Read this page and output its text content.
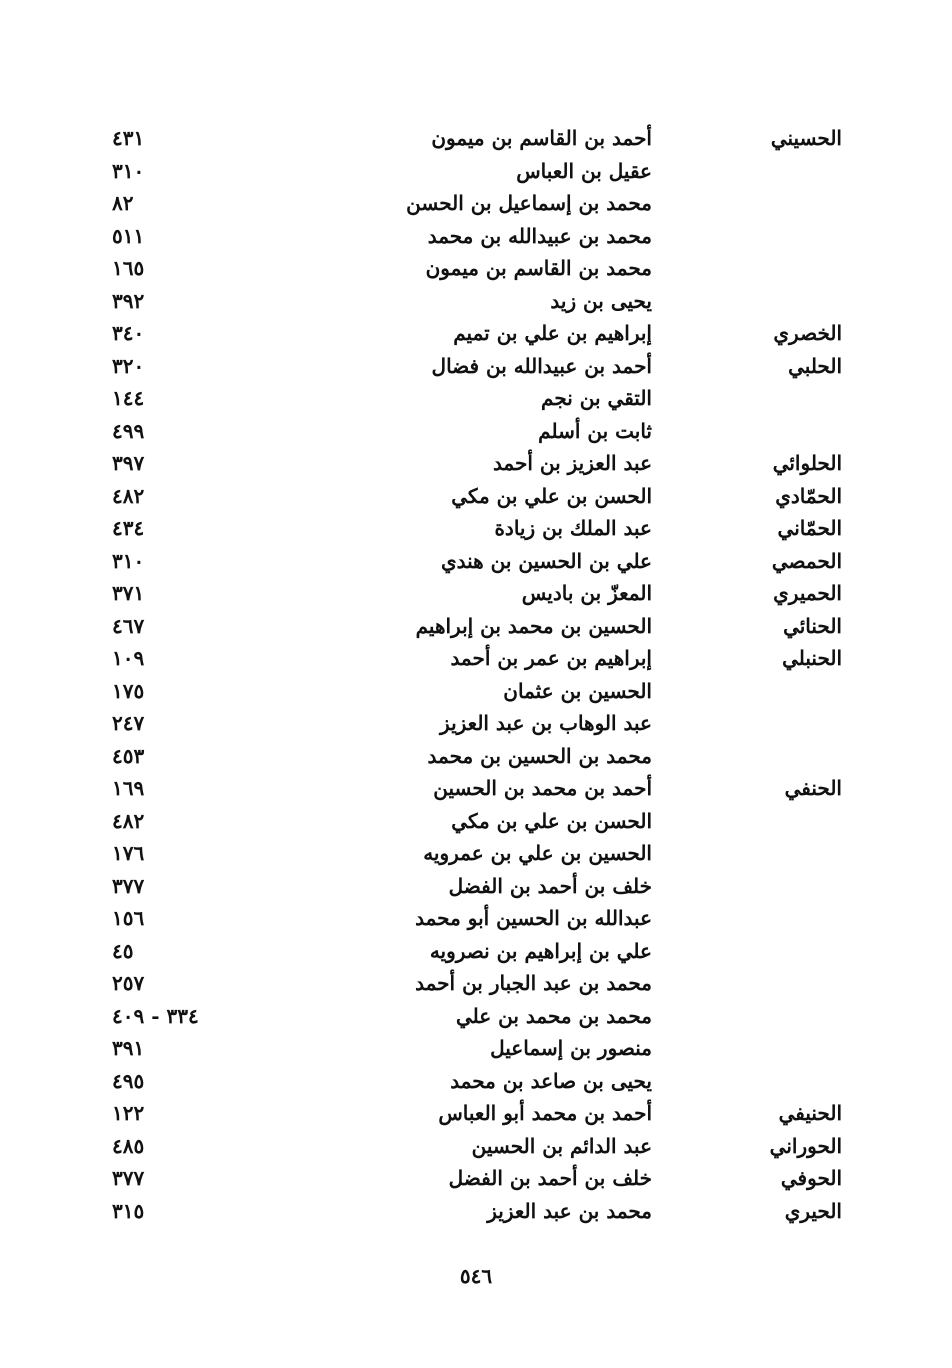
الحسيني
أحمد بن القاسم بن ميمون
٤٣١
عقيل بن العباس
٣١٠
محمد بن إسماعيل بن الحسن
٨٢
محمد بن عبيدالله بن محمد
٥١١
محمد بن القاسم بن ميمون
١٦٥
يحيى بن زيد
٣٩٢
الخصري
إبراهيم بن علي بن تميم
٣٤٠
الحلبي
أحمد بن عبيدالله بن فضال
٣٢٠
التقي بن نجم
١٤٤
ثابت بن أسلم
٤٩٩
الحلوائي
عبد العزيز بن أحمد
٣٩٧
الحمّادي
الحسن بن علي بن مكي
٤٨٢
الحمّاني
عبد الملك بن زيادة
٤٣٤
الحمصي
علي بن الحسين بن هندي
٣١٠
الحميري
المعزّ بن باديس
٣٧١
الحنائي
الحسين بن محمد بن إبراهيم
٤٦٧
الحنبلي
إبراهيم بن عمر بن أحمد
١٠٩
الحسين بن عثمان
١٧٥
عبد الوهاب بن عبد العزيز
٢٤٧
محمد بن الحسين بن محمد
٤٥٣
الحنفي
أحمد بن محمد بن الحسين
١٦٩
الحسن بن علي بن مكي
٤٨٢
الحسين بن علي بن عمرويه
١٧٦
خلف بن أحمد بن الفضل
٣٧٧
عبدالله بن الحسين أبو محمد
١٥٦
علي بن إبراهيم بن نصرويه
٤٥
محمد بن عبد الجبار بن أحمد
٢٥٧
محمد بن محمد بن علي
٣٣٤ - ٤٠٩
منصور بن إسماعيل
٣٩١
يحيى بن صاعد بن محمد
٤٩٥
الحنيفي
أحمد بن محمد أبو العباس
١٢٢
الحوراني
عبد الدائم بن الحسين
٤٨٥
الحوفي
خلف بن أحمد بن الفضل
٣٧٧
الحيري
محمد بن عبد العزيز
٣١٥
٥٤٦
